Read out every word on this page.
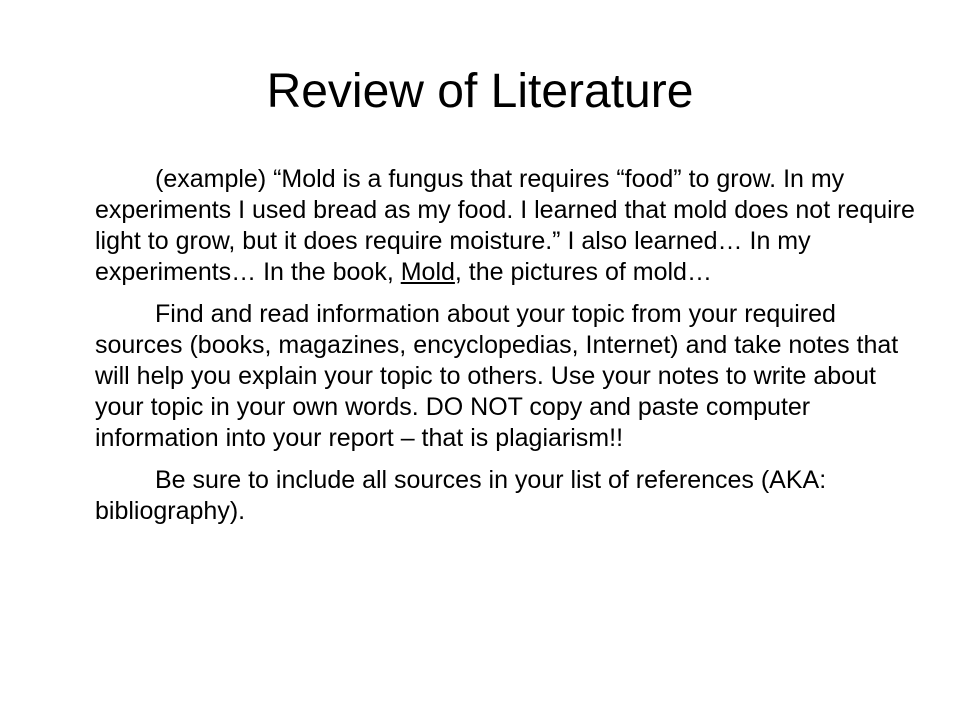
Review of Literature

(example) “Mold is a fungus that requires “food” to grow. In my experiments I used bread as my food. I learned that mold does not require light to grow, but it does require moisture.” I also learned… In my experiments… In the book, Mold, the pictures of mold…

Find and read information about your topic from your required sources (books, magazines, encyclopedias, Internet) and take notes that will help you explain your topic to others. Use your notes to write about your topic in your own words. DO NOT copy and paste computer information into your report – that is plagiarism!!

Be sure to include all sources in your list of references (AKA: bibliography).
